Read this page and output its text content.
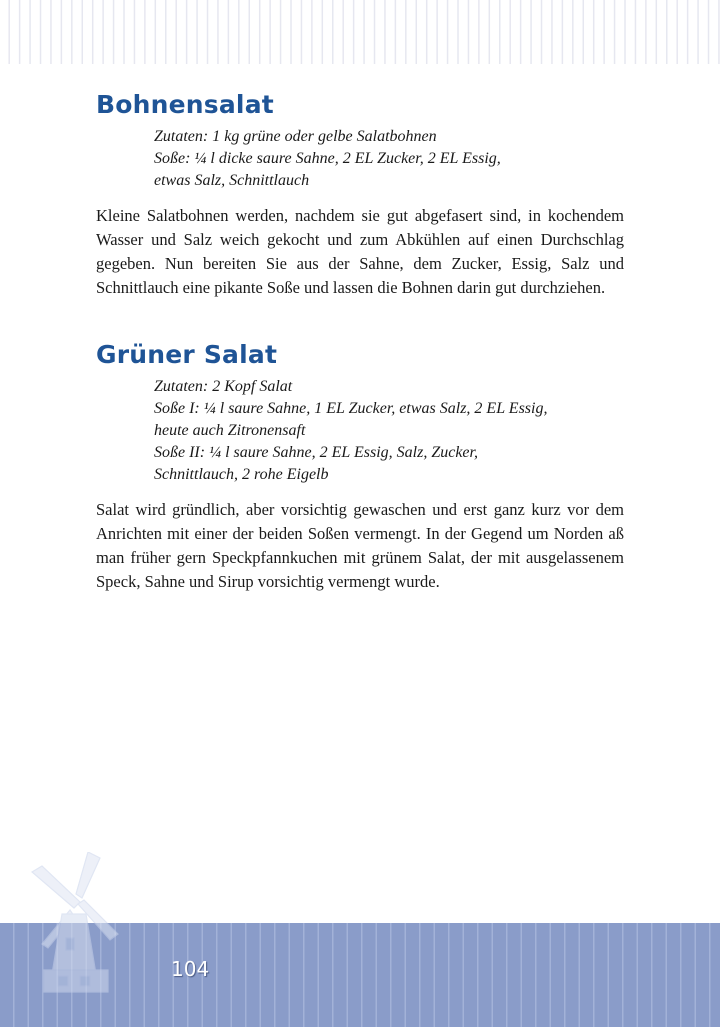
Bohnensalat
Zutaten: 1 kg grüne oder gelbe Salatbohnen
Soße: ¼ l dicke saure Sahne, 2 EL Zucker, 2 EL Essig,
etwas Salz, Schnittlauch

Kleine Salatbohnen werden, nachdem sie gut abgefasert sind, in kochendem Wasser und Salz weich gekocht und zum Abkühlen auf einen Durchschlag gegeben. Nun bereiten Sie aus der Sahne, dem Zucker, Essig, Salz und Schnittlauch eine pikante Soße und lassen die Bohnen darin gut durchziehen.

Grüner Salat
Zutaten: 2 Kopf Salat
Soße I: ¼ l saure Sahne, 1 EL Zucker, etwas Salz, 2 EL Essig,
heute auch Zitronensaft
Soße II: ¼ l saure Sahne, 2 EL Essig, Salz, Zucker,
Schnittlauch, 2 rohe Eigelb

Salat wird gründlich, aber vorsichtig gewaschen und erst ganz kurz vor dem Anrichten mit einer der beiden Soßen vermengt. In der Gegend um Norden aß man früher gern Speckpfannkuchen mit grünem Salat, der mit ausgelassenem Speck, Sahne und Sirup vorsichtig vermengt wurde.

104
